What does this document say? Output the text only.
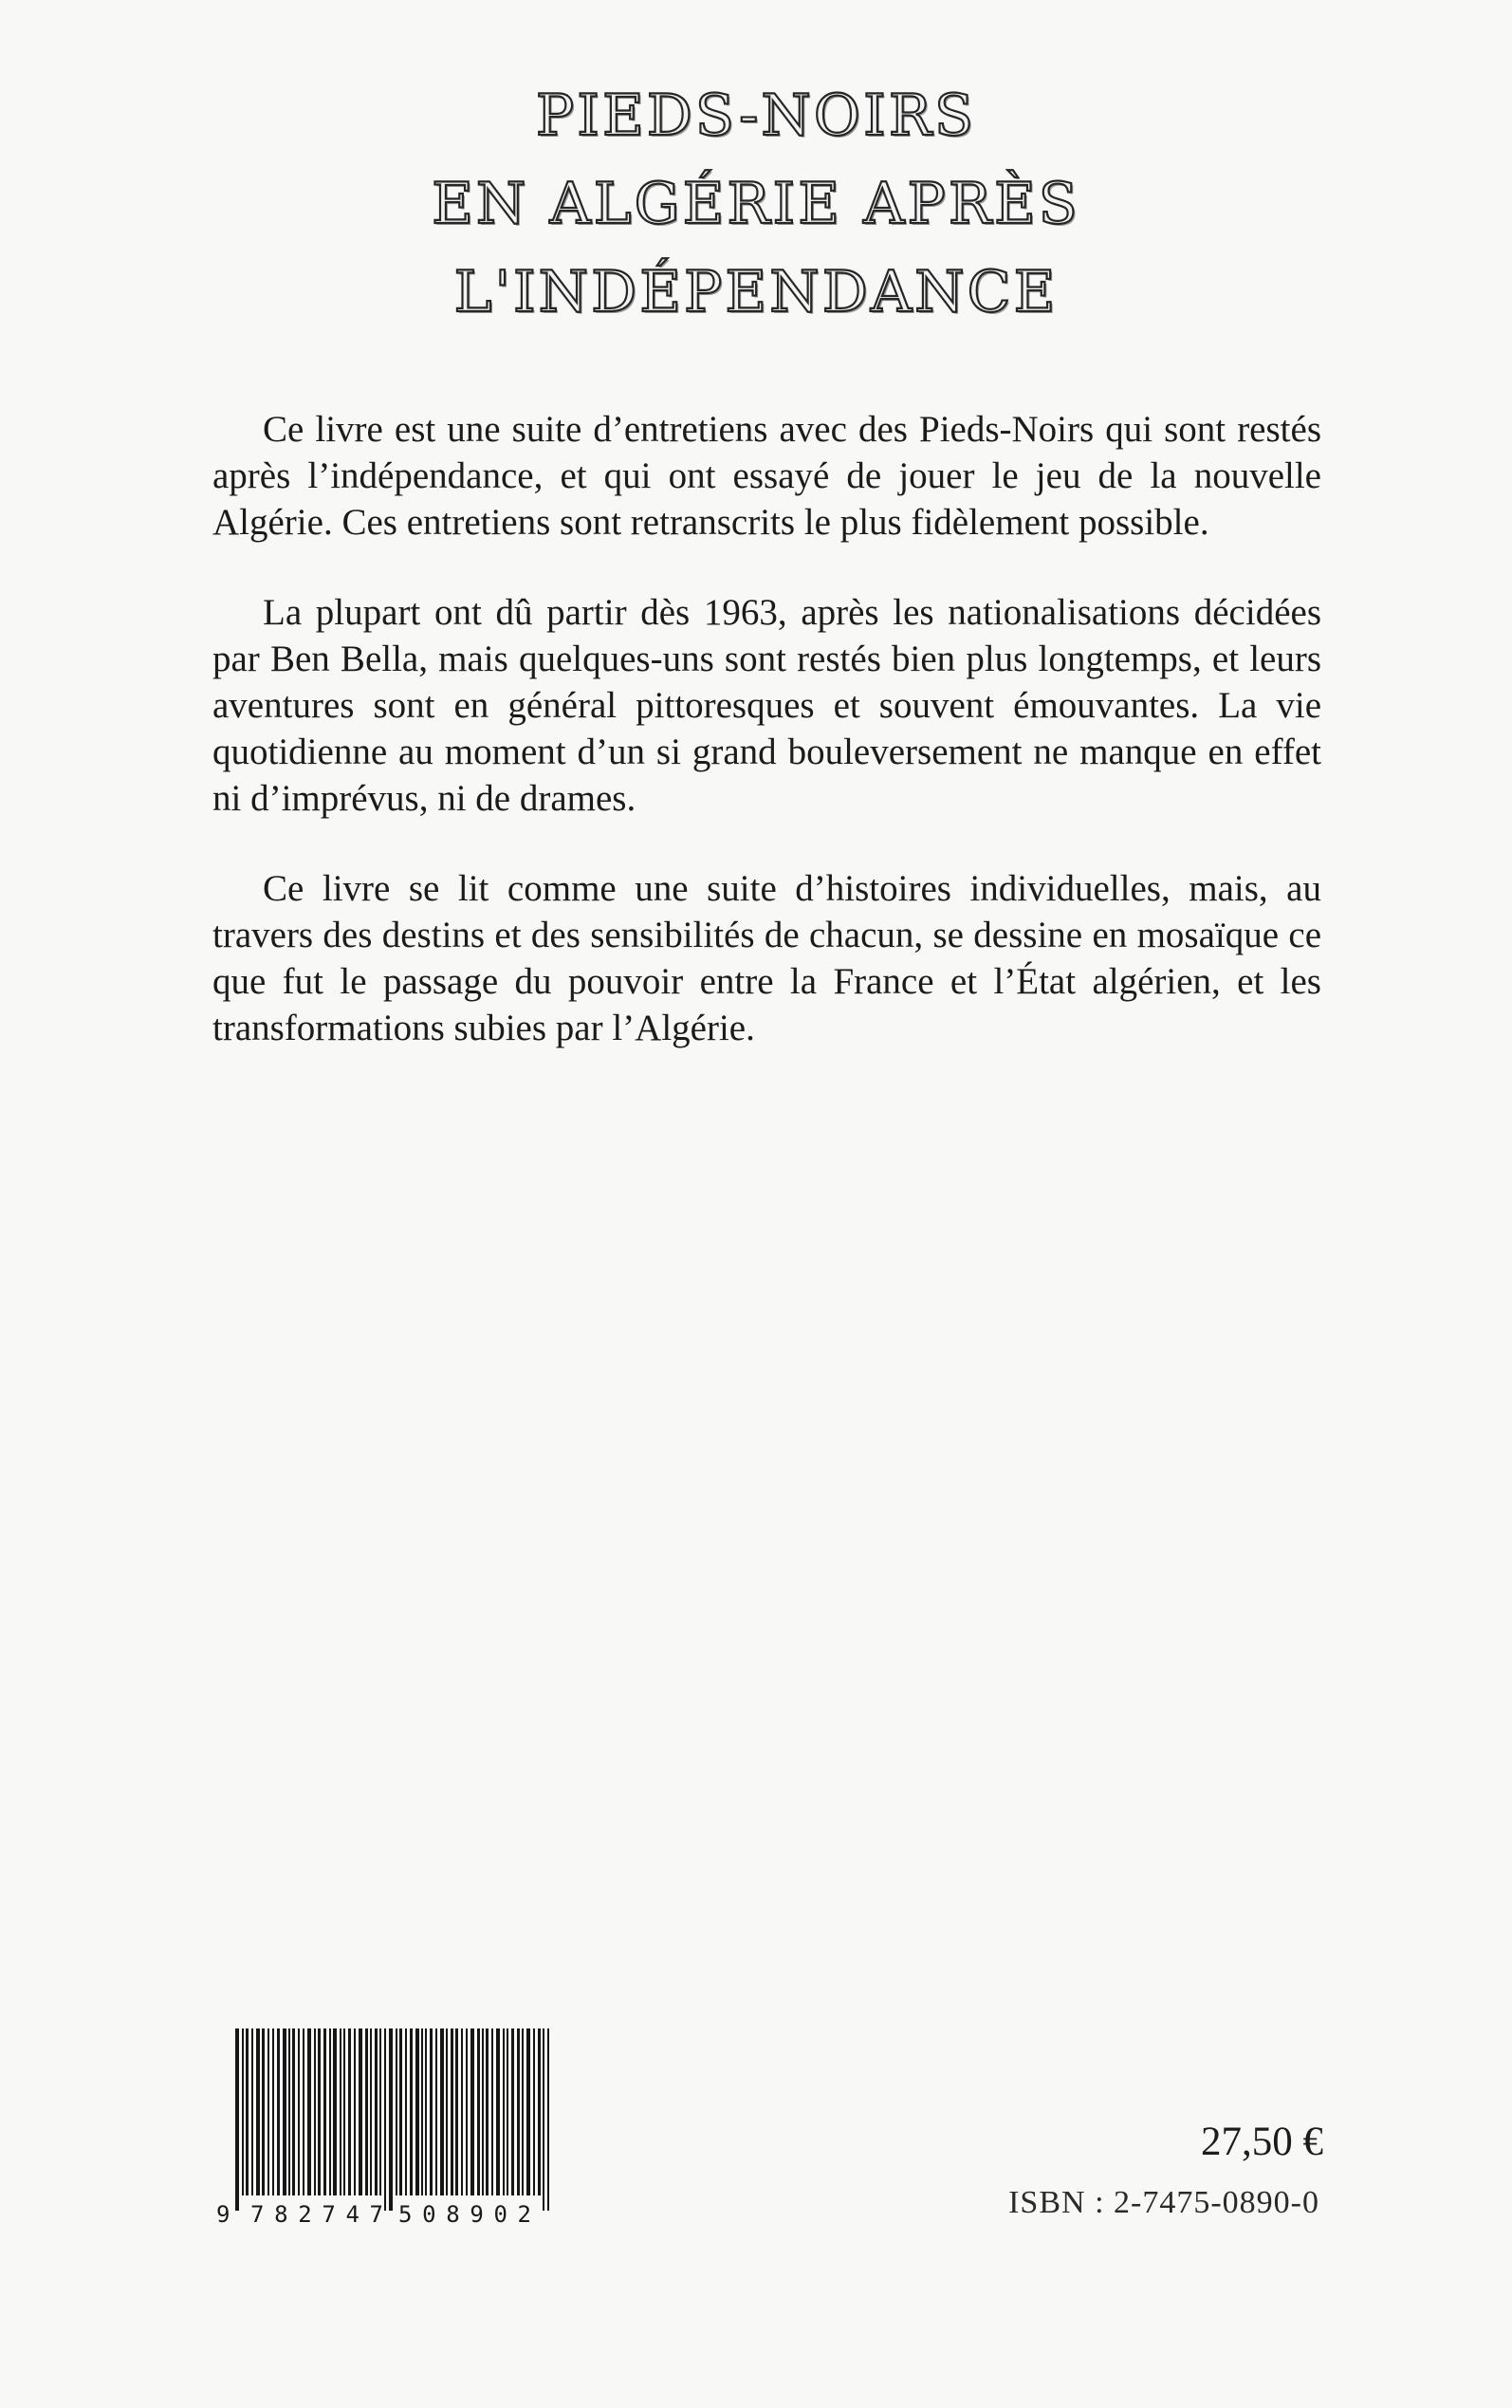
PIEDS-NOIRS
EN ALGÉRIE APRÈS
L'INDÉPENDANCE

Ce livre est une suite d’entretiens avec des Pieds-Noirs qui sont restés après l’indépendance, et qui ont essayé de jouer le jeu de la nouvelle Algérie. Ces entretiens sont retranscrits le plus fidèlement possible.

La plupart ont dû partir dès 1963, après les nationalisations décidées par Ben Bella, mais quelques-uns sont restés bien plus longtemps, et leurs aventures sont en général pittoresques et souvent émouvantes. La vie quotidienne au moment d’un si grand bouleversement ne manque en effet ni d’imprévus, ni de drames.

Ce livre se lit comme une suite d’histoires individuelles, mais, au travers des destins et des sensibilités de chacun, se dessine en mosaïque ce que fut le passage du pouvoir entre la France et l’État algérien, et les transformations subies par l’Algérie.

9 782747 508902
27,50 €
ISBN : 2-7475-0890-0
